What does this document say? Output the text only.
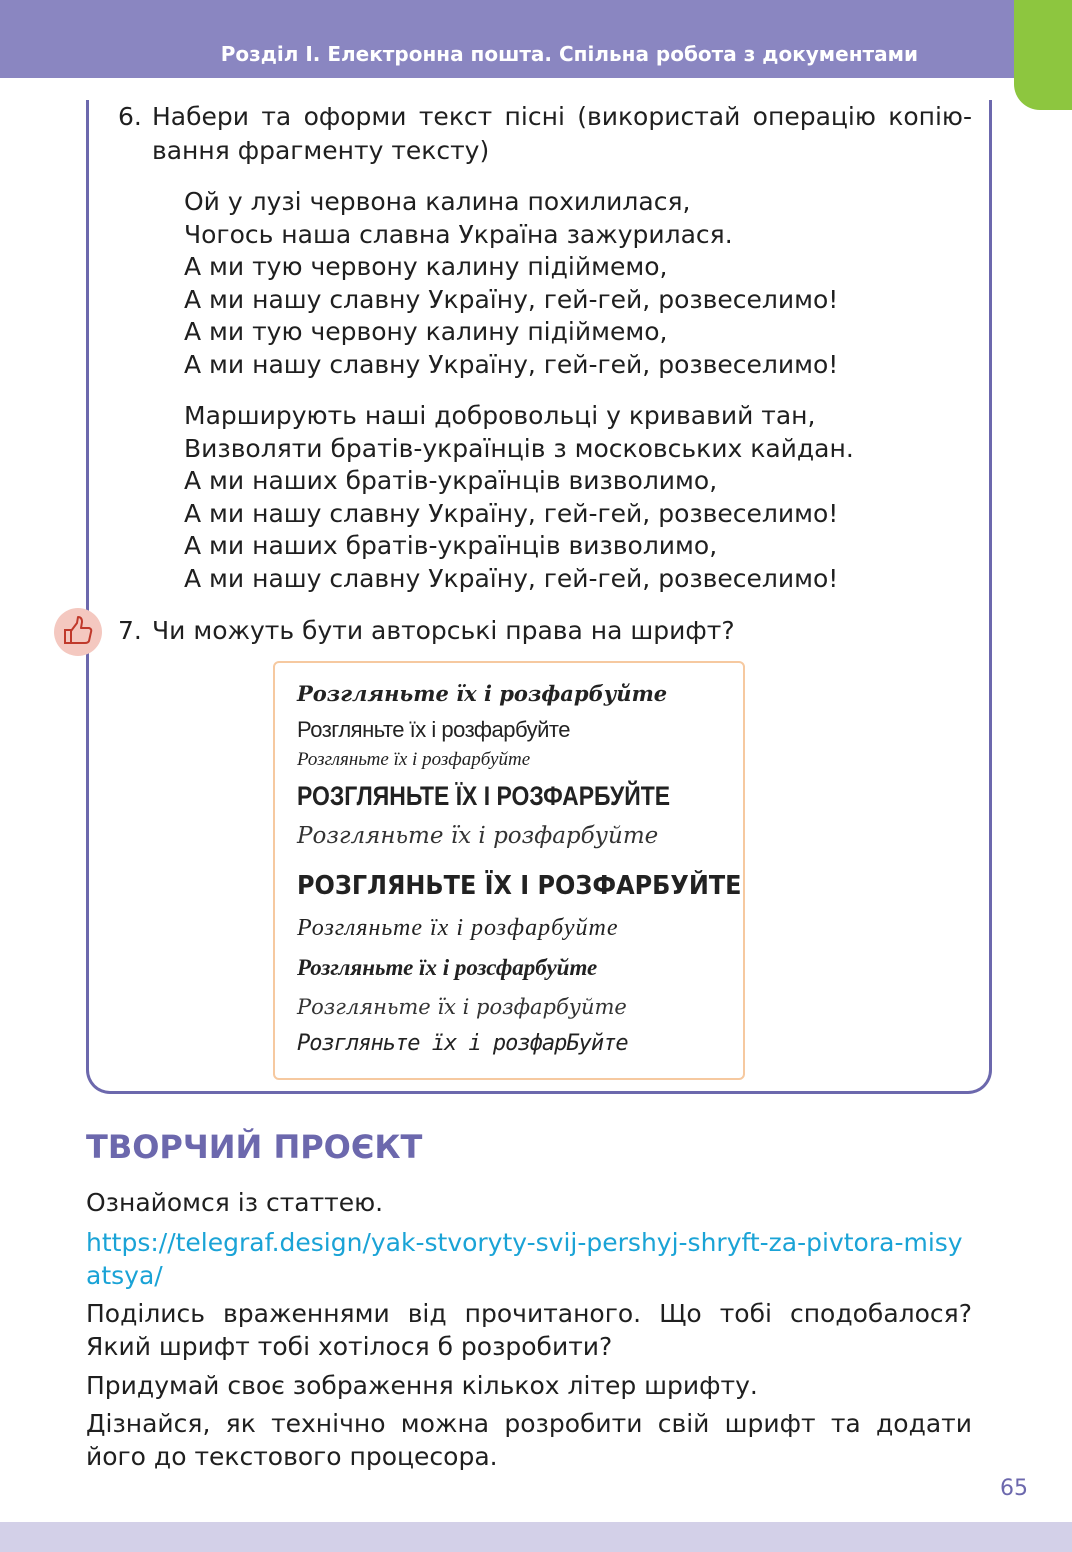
Розділ I. Електронна пошта. Спільна робота з документами
6. Набери та оформи текст пісні (використай операцію копію-вання фрагменту тексту)
Ой у лузі червона калина похилилася,
Чогось наша славна Україна зажурилася.
А ми тую червону калину підіймемо,
А ми нашу славну Україну, гей-гей, розвеселимо!
А ми тую червону калину підіймемо,
А ми нашу славну Україну, гей-гей, розвеселимо!
Марширують наші добровольці у кривавий тан,
Визволяти братів-українців з московських кайдан.
А ми наших братів-українців визволимо,
А ми нашу славну Україну, гей-гей, розвеселимо!
А ми наших братів-українців визволимо,
А ми нашу славну Україну, гей-гей, розвеселимо!
7. Чи можуть бути авторські права на шрифт?
Розгляньте їх і розфарбуйте
Розгляньте їх і розфарбуйте
Розгляньте їх і розфарбуйте
РОЗГЛЯНЬТЕ ЇХ І РОЗФАРБУЙТЕ
Розгляньте їх і розфарбуйте
РОЗГЛЯНЬТЕ ЇХ І РОЗФАРБУЙТЕ
Розгляньте їх і розфарбуйте
Розгляньте їх і розсфарбуйте
Розгляньте їх і розфарбуйте
Розгляньте їх і розфарБуйте
ТВОРЧИЙ ПРОЄКТ
Ознайомся із статтею.
https://telegraf.design/yak-stvoryty-svij-pershyj-shryft-za-pivtora-misyatsya/
Поділись враженнями від прочитаного. Що тобі сподобалося? Який шрифт тобі хотілося б розробити?
Придумай своє зображення кількох літер шрифту.
Дізнайся, як технічно можна розробити свій шрифт та додати його до текстового процесора.
65
